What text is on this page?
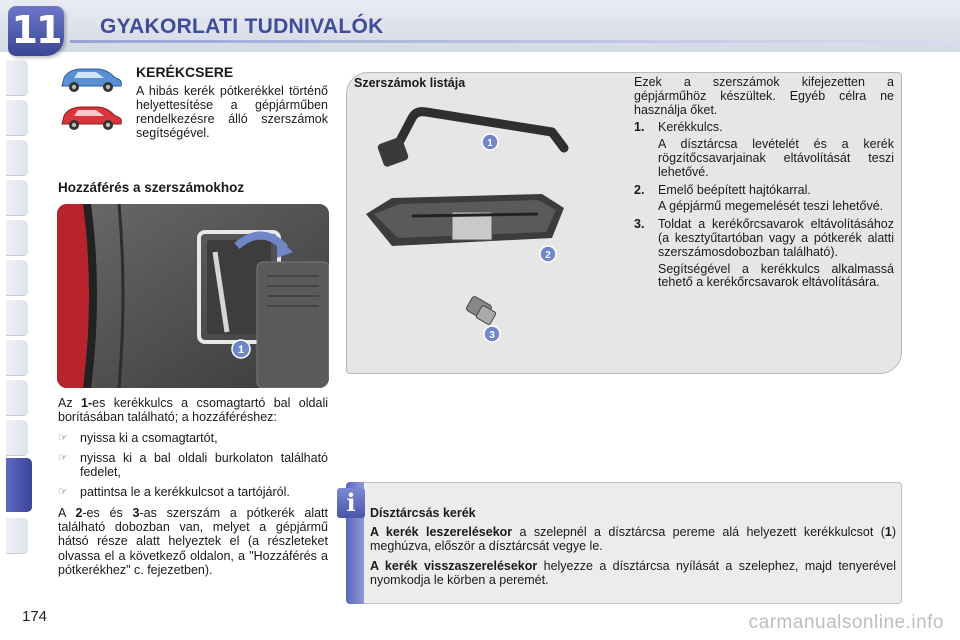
11 GYAKORLATI TUDNIVALÓK
KERÉKCSERE
A hibás kerék pótkerékkel történő helyettesítése a gépjárműben rendelkezésre álló szerszámok segítségével.
Hozzáférés a szerszámokhoz
1

Az 1-es kerékkulcs a csomagtartó bal oldali borításában található; a hozzáféréshez:

☞ nyissa ki a csomagtartót,
☞ nyissa ki a bal oldali burkolaton található fedelet,
☞ pattintsa le a kerékkulcsot a tartójáról.

A 2-es és 3-as szerszám a pótkerék alatt található dobozban van, melyet a gépjármű hátsó része alatt helyeztek el (a részleteket olvassa el a következő oldalon, a "Hozzáférés a pótkerékhez" c. fejezetben).

Szerszámok listája
1
2
3

Ezek a szerszámok kifejezetten a gépjárműhöz készültek. Egyéb célra ne használja őket.

1.	Kerékkulcs.
A dísztárcsa levételét és a kerék rögzítőcsavarjainak eltávolítását teszi lehetővé.
2.	Emelő beépített hajtókarral.
A gépjármű megemelését teszi lehetővé.
3.	Toldat a kerékőrcsavarok eltávolításához (a kesztyűtartóban vagy a pótkerék alatti szerszámosdobozban található).
Segítségével a kerékkulcs alkalmassá tehető a kerékőrcsavarok eltávolítására.
i	Dísztárcsás kerék

A kerék leszerelésekor a szelepnél a dísztárcsa pereme alá helyezett kerékkulcsot (1) meghúzva, először a dísztárcsát vegye le.

A kerék visszaszerelésekor helyezze a dísztárcsa nyílását a szelephez, majd tenyerével nyomkodja le körben a peremét.

174	carmanualsonline.info
